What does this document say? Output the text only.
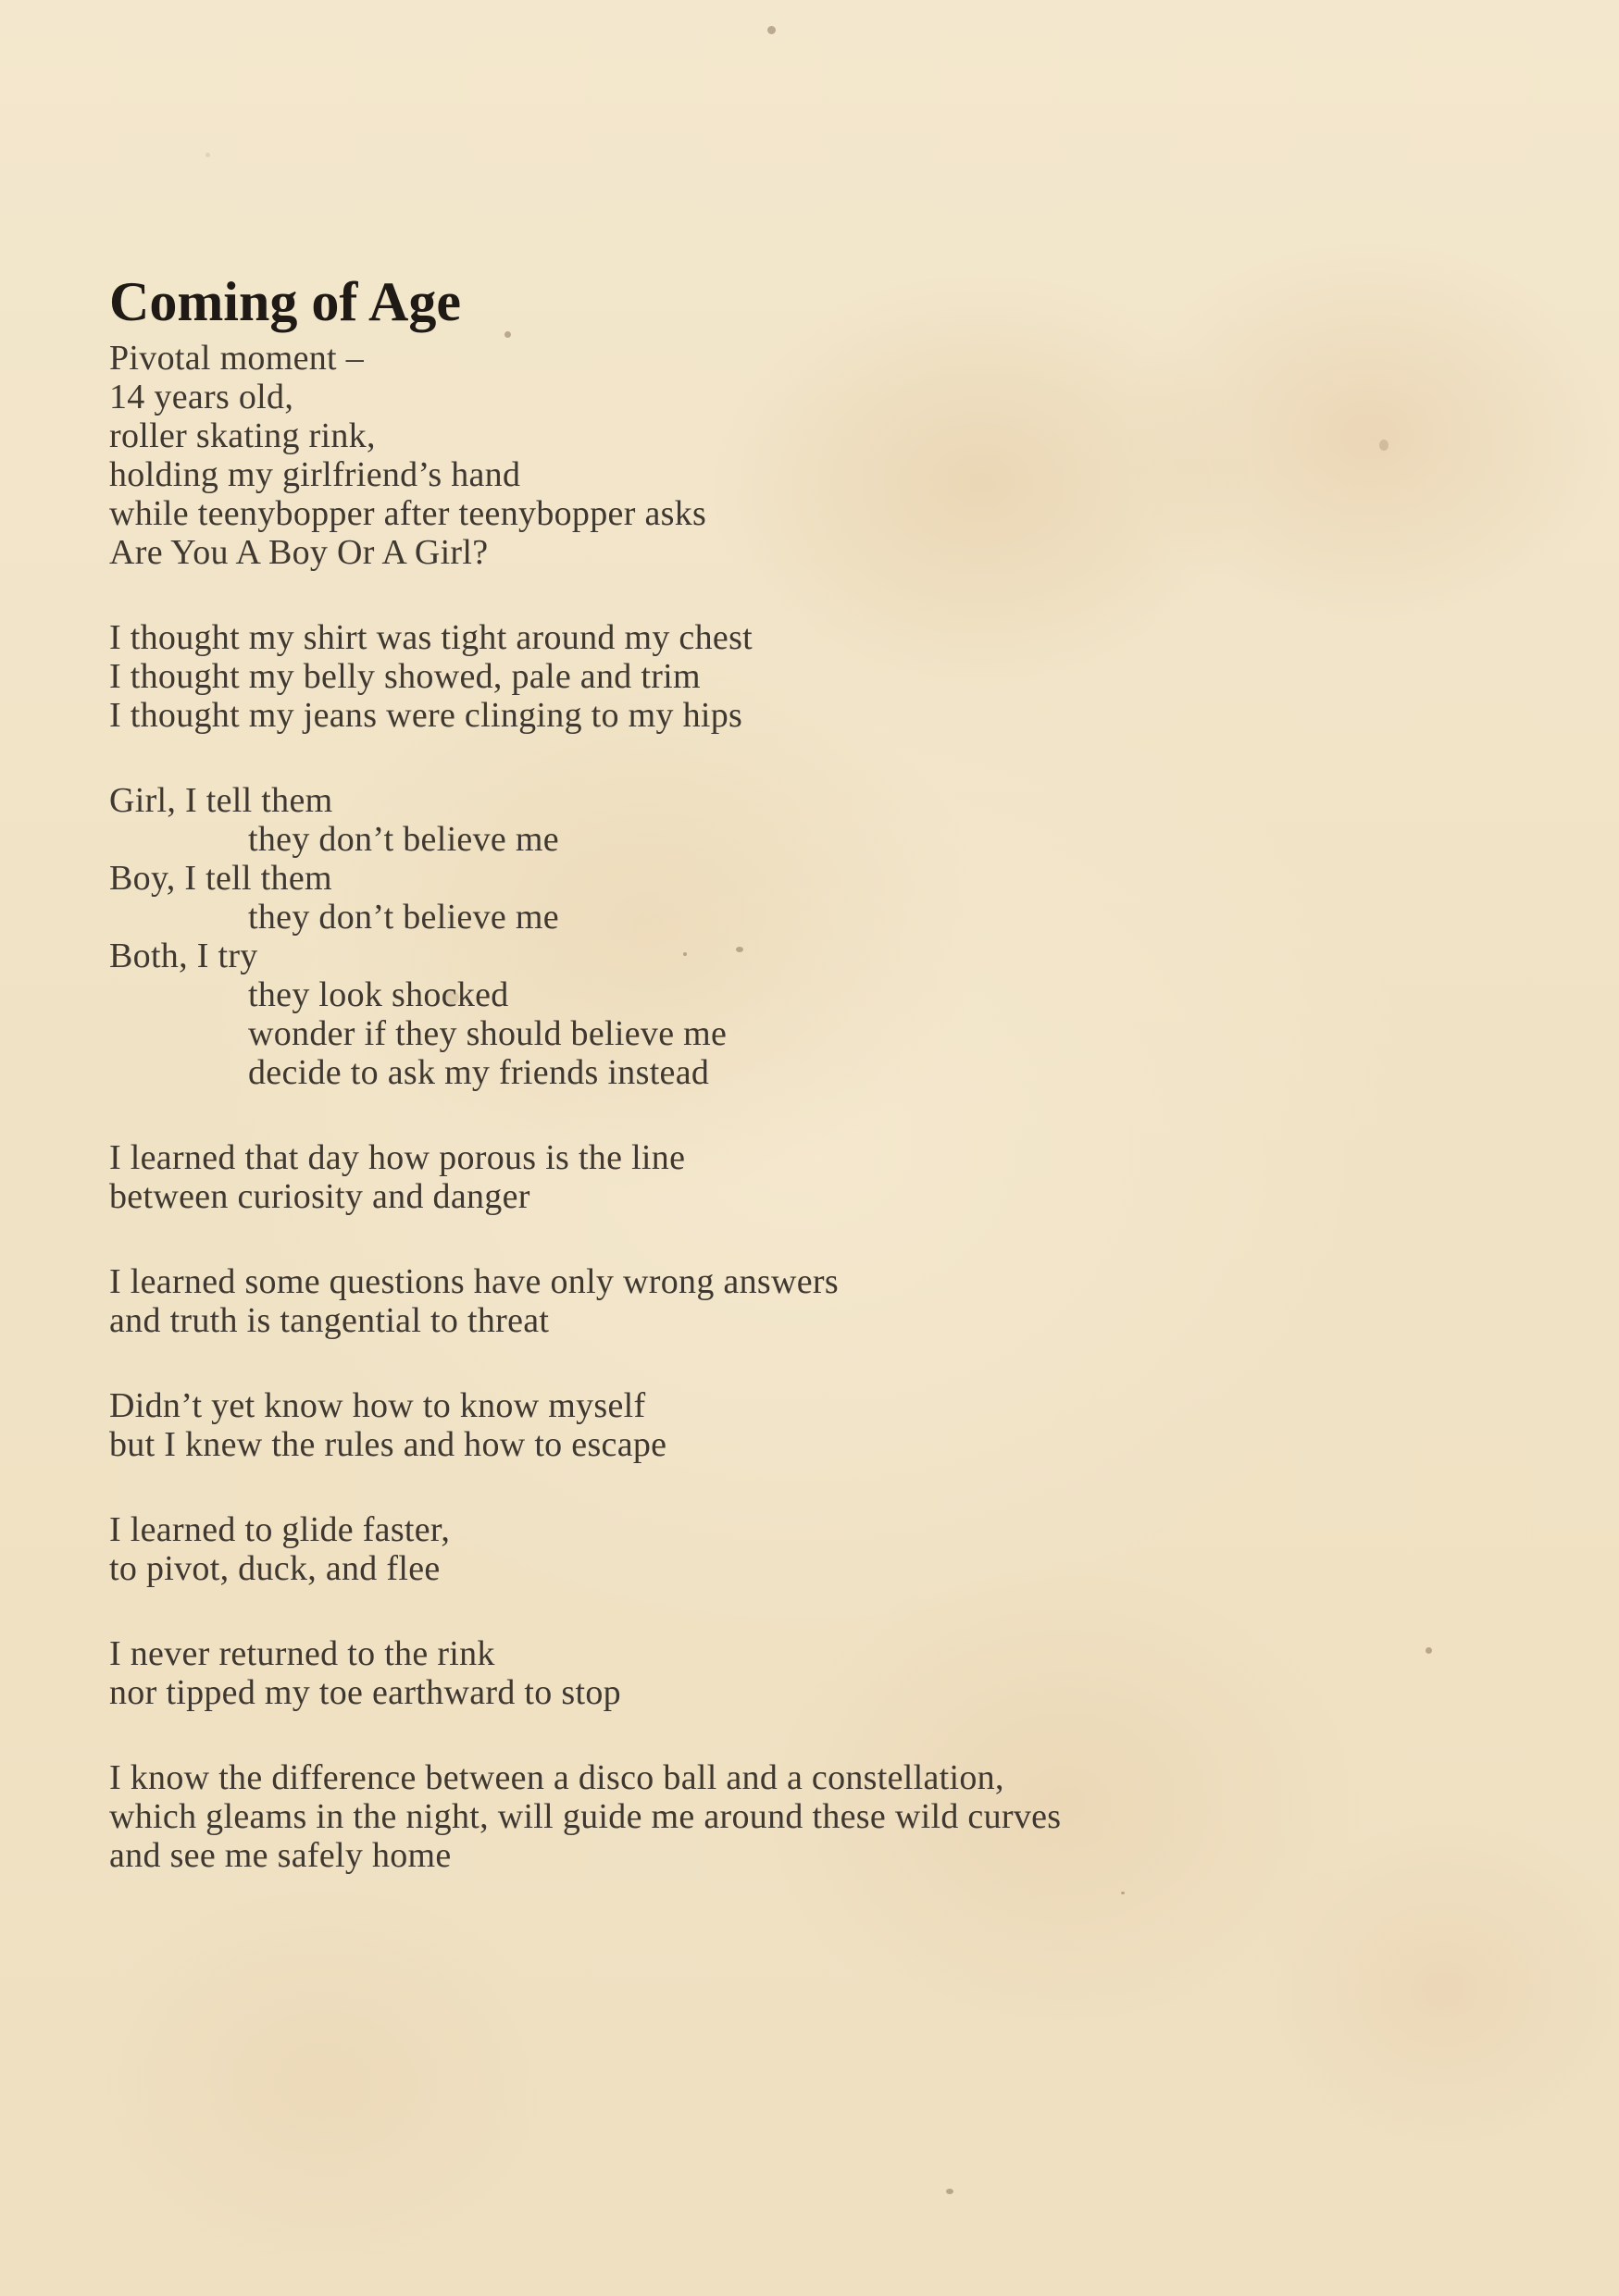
Coming of Age
Pivotal moment –
14 years old,
roller skating rink,
holding my girlfriend’s hand
while teenybopper after teenybopper asks
Are You A Boy Or A Girl?
I thought my shirt was tight around my chest
I thought my belly showed, pale and trim
I thought my jeans were clinging to my hips
Girl, I tell them
they don’t believe me
Boy, I tell them
they don’t believe me
Both, I try
they look shocked
wonder if they should believe me
decide to ask my friends instead
I learned that day how porous is the line
between curiosity and danger
I learned some questions have only wrong answers
and truth is tangential to threat
Didn’t yet know how to know myself
but I knew the rules and how to escape
I learned to glide faster,
to pivot, duck, and flee
I never returned to the rink
nor tipped my toe earthward to stop
I know the difference between a disco ball and a constellation,
which gleams in the night, will guide me around these wild curves
and see me safely home
